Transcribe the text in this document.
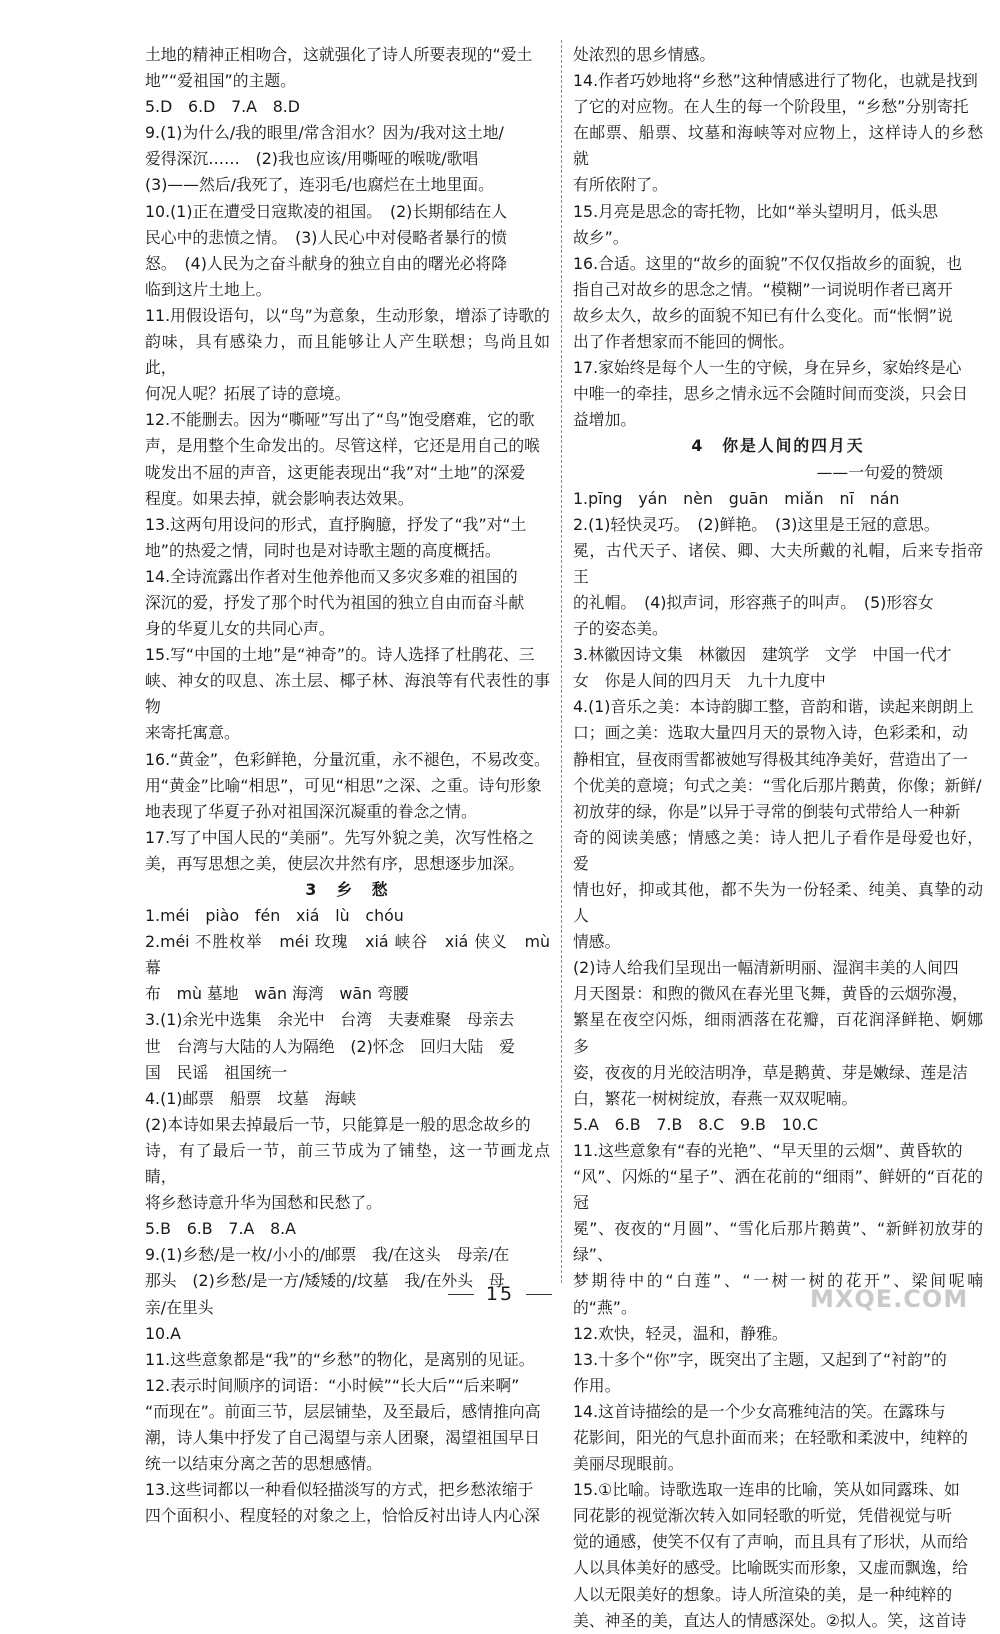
土地的精神正相吻合，这就强化了诗人所要表现的“爱土

地”“爱祖国”的主题。

5.D　6.D　7.A　8.D

9.(1)为什么/我的眼里/常含泪水？因为/我对这土地/

爱得深沉……　(2)我也应该/用嘶哑的喉咙/歌唱　

(3)——然后/我死了，连羽毛/也腐烂在土地里面。

10.(1)正在遭受日寇欺凌的祖国。　(2)长期郁结在人

民心中的悲愤之情。　(3)人民心中对侵略者暴行的愤

怒。　(4)人民为之奋斗献身的独立自由的曙光必将降

临到这片土地上。

11.用假设语句，以“鸟”为意象，生动形象，增添了诗歌的

韵味，具有感染力，而且能够让人产生联想；鸟尚且如此，

何况人呢？拓展了诗的意境。

12.不能删去。因为“嘶哑”写出了“鸟”饱受磨难，它的歌

声，是用整个生命发出的。尽管这样，它还是用自己的喉

咙发出不屈的声音，这更能表现出“我”对“土地”的深爱

程度。如果去掉，就会影响表达效果。

13.这两句用设问的形式，直抒胸臆，抒发了“我”对“土

地”的热爱之情，同时也是对诗歌主题的高度概括。

14.全诗流露出作者对生他养他而又多灾多难的祖国的

深沉的爱，抒发了那个时代为祖国的独立自由而奋斗献

身的华夏儿女的共同心声。

15.写“中国的土地”是“神奇”的。诗人选择了杜鹃花、三

峡、神女的叹息、冻土层、椰子林、海浪等有代表性的事物

来寄托寓意。

16.“黄金”，色彩鲜艳，分量沉重，永不褪色，不易改变。

用“黄金”比喻“相思”，可见“相思”之深、之重。诗句形象

地表现了华夏子孙对祖国深沉凝重的眷念之情。

17.写了中国人民的“美丽”。先写外貌之美，次写性格之

美，再写思想之美，使层次井然有序，思想逐步加深。

3　乡　愁

1.méi　piào　fén　xiá　lù　chóu

2.méi 不胜枚举　méi 玫瑰　xiá 峡谷　xiá 侠义　mù 幕

布　mù 墓地　wān 海湾　wān 弯腰

3.(1)余光中选集　余光中　台湾　夫妻难聚　母亲去

世　台湾与大陆的人为隔绝　(2)怀念　回归大陆　爱

国　民谣　祖国统一

4.(1)邮票　船票　坟墓　海峡

(2)本诗如果去掉最后一节，只能算是一般的思念故乡的

诗，有了最后一节，前三节成为了铺垫，这一节画龙点睛，

将乡愁诗意升华为国愁和民愁了。

5.B　6.B　7.A　8.A

9.(1)乡愁/是一枚/小小的/邮票　我/在这头　母亲/在

那头　(2)乡愁/是一方/矮矮的/坟墓　我/在外头　母

亲/在里头

10.A

11.这些意象都是“我”的“乡愁”的物化，是离别的见证。

12.表示时间顺序的词语：“小时候”“长大后”“后来啊”

“而现在”。前面三节，层层铺垫，及至最后，感情推向高

潮，诗人集中抒发了自己渴望与亲人团聚，渴望祖国早日

统一以结束分离之苦的思想感情。

13.这些词都以一种看似轻描淡写的方式，把乡愁浓缩于

四个面积小、程度轻的对象之上，恰恰反衬出诗人内心深

处浓烈的思乡情感。

14.作者巧妙地将“乡愁”这种情感进行了物化，也就是找到

了它的对应物。在人生的每一个阶段里，“乡愁”分别寄托

在邮票、船票、坟墓和海峡等对应物上，这样诗人的乡愁就

有所依附了。

15.月亮是思念的寄托物，比如“举头望明月，低头思

故乡”。

16.合适。这里的“故乡的面貌”不仅仅指故乡的面貌，也

指自己对故乡的思念之情。“模糊”一词说明作者已离开

故乡太久，故乡的面貌不知已有什么变化。而“怅惘”说

出了作者想家而不能回的惆怅。

17.家始终是每个人一生的守候，身在异乡，家始终是心

中唯一的牵挂，思乡之情永远不会随时间而变淡，只会日

益增加。

4　你是人间的四月天

——一句爱的赞颂

1.pīng　yán　nèn　guān　miǎn　nī　nán

2.(1)轻快灵巧。　(2)鲜艳。　(3)这里是王冠的意思。

冕，古代天子、诸侯、卿、大夫所戴的礼帽，后来专指帝王

的礼帽。　(4)拟声词，形容燕子的叫声。　(5)形容女

子的姿态美。

3.林徽因诗文集　林徽因　建筑学　文学　中国一代才

女　你是人间的四月天　九十九度中

4.(1)音乐之美：本诗韵脚工整，音韵和谐，读起来朗朗上

口；画之美：选取大量四月天的景物入诗，色彩柔和，动

静相宜，昼夜雨雪都被她写得极其纯净美好，营造出了一

个优美的意境；句式之美：“雪化后那片鹅黄，你像；新鲜/

初放芽的绿，你是”以异于寻常的倒装句式带给人一种新

奇的阅读美感；情感之美：诗人把儿子看作是母爱也好，爱

情也好，抑或其他，都不失为一份轻柔、纯美、真挚的动人

情感。

(2)诗人给我们呈现出一幅清新明丽、湿润丰美的人间四

月天图景：和煦的微风在春光里飞舞，黄昏的云烟弥漫，

繁星在夜空闪烁，细雨洒落在花瓣，百花润泽鲜艳、婀娜多

姿，夜夜的月光皎洁明净，草是鹅黄、芽是嫩绿、莲是洁

白，繁花一树树绽放，春燕一双双呢喃。

5.A　6.B　7.B　8.C　9.B　10.C

11.这些意象有“春的光艳”、“早天里的云烟”、黄昏软的

“风”、闪烁的“星子”、洒在花前的“细雨”、鲜妍的“百花的冠

冕”、夜夜的“月圆”、“雪化后那片鹅黄”、“新鲜初放芽的绿”、

梦期待中的“白莲”、“一树一树的花开”、梁间呢喃的“燕”。

12.欢快，轻灵，温和，静雅。

13.十多个“你”字，既突出了主题，又起到了“衬韵”的

作用。

14.这首诗描绘的是一个少女高雅纯洁的笑。在露珠与

花影间，阳光的气息扑面而来；在轻歌和柔波中，纯粹的

美丽尽现眼前。

15.①比喻。诗歌选取一连串的比喻，笑从如同露珠、如

同花影的视觉渐次转入如同轻歌的听觉，凭借视觉与听

觉的通感，使笑不仅有了声响，而且具有了形状，从而给

人以具体美好的感受。比喻既实而形象，又虚而飘逸，给

人以无限美好的想象。诗人所渲染的美，是一种纯粹的

美、神圣的美，直达人的情感深处。②拟人。笑，这首诗

15	MXQE.COM
